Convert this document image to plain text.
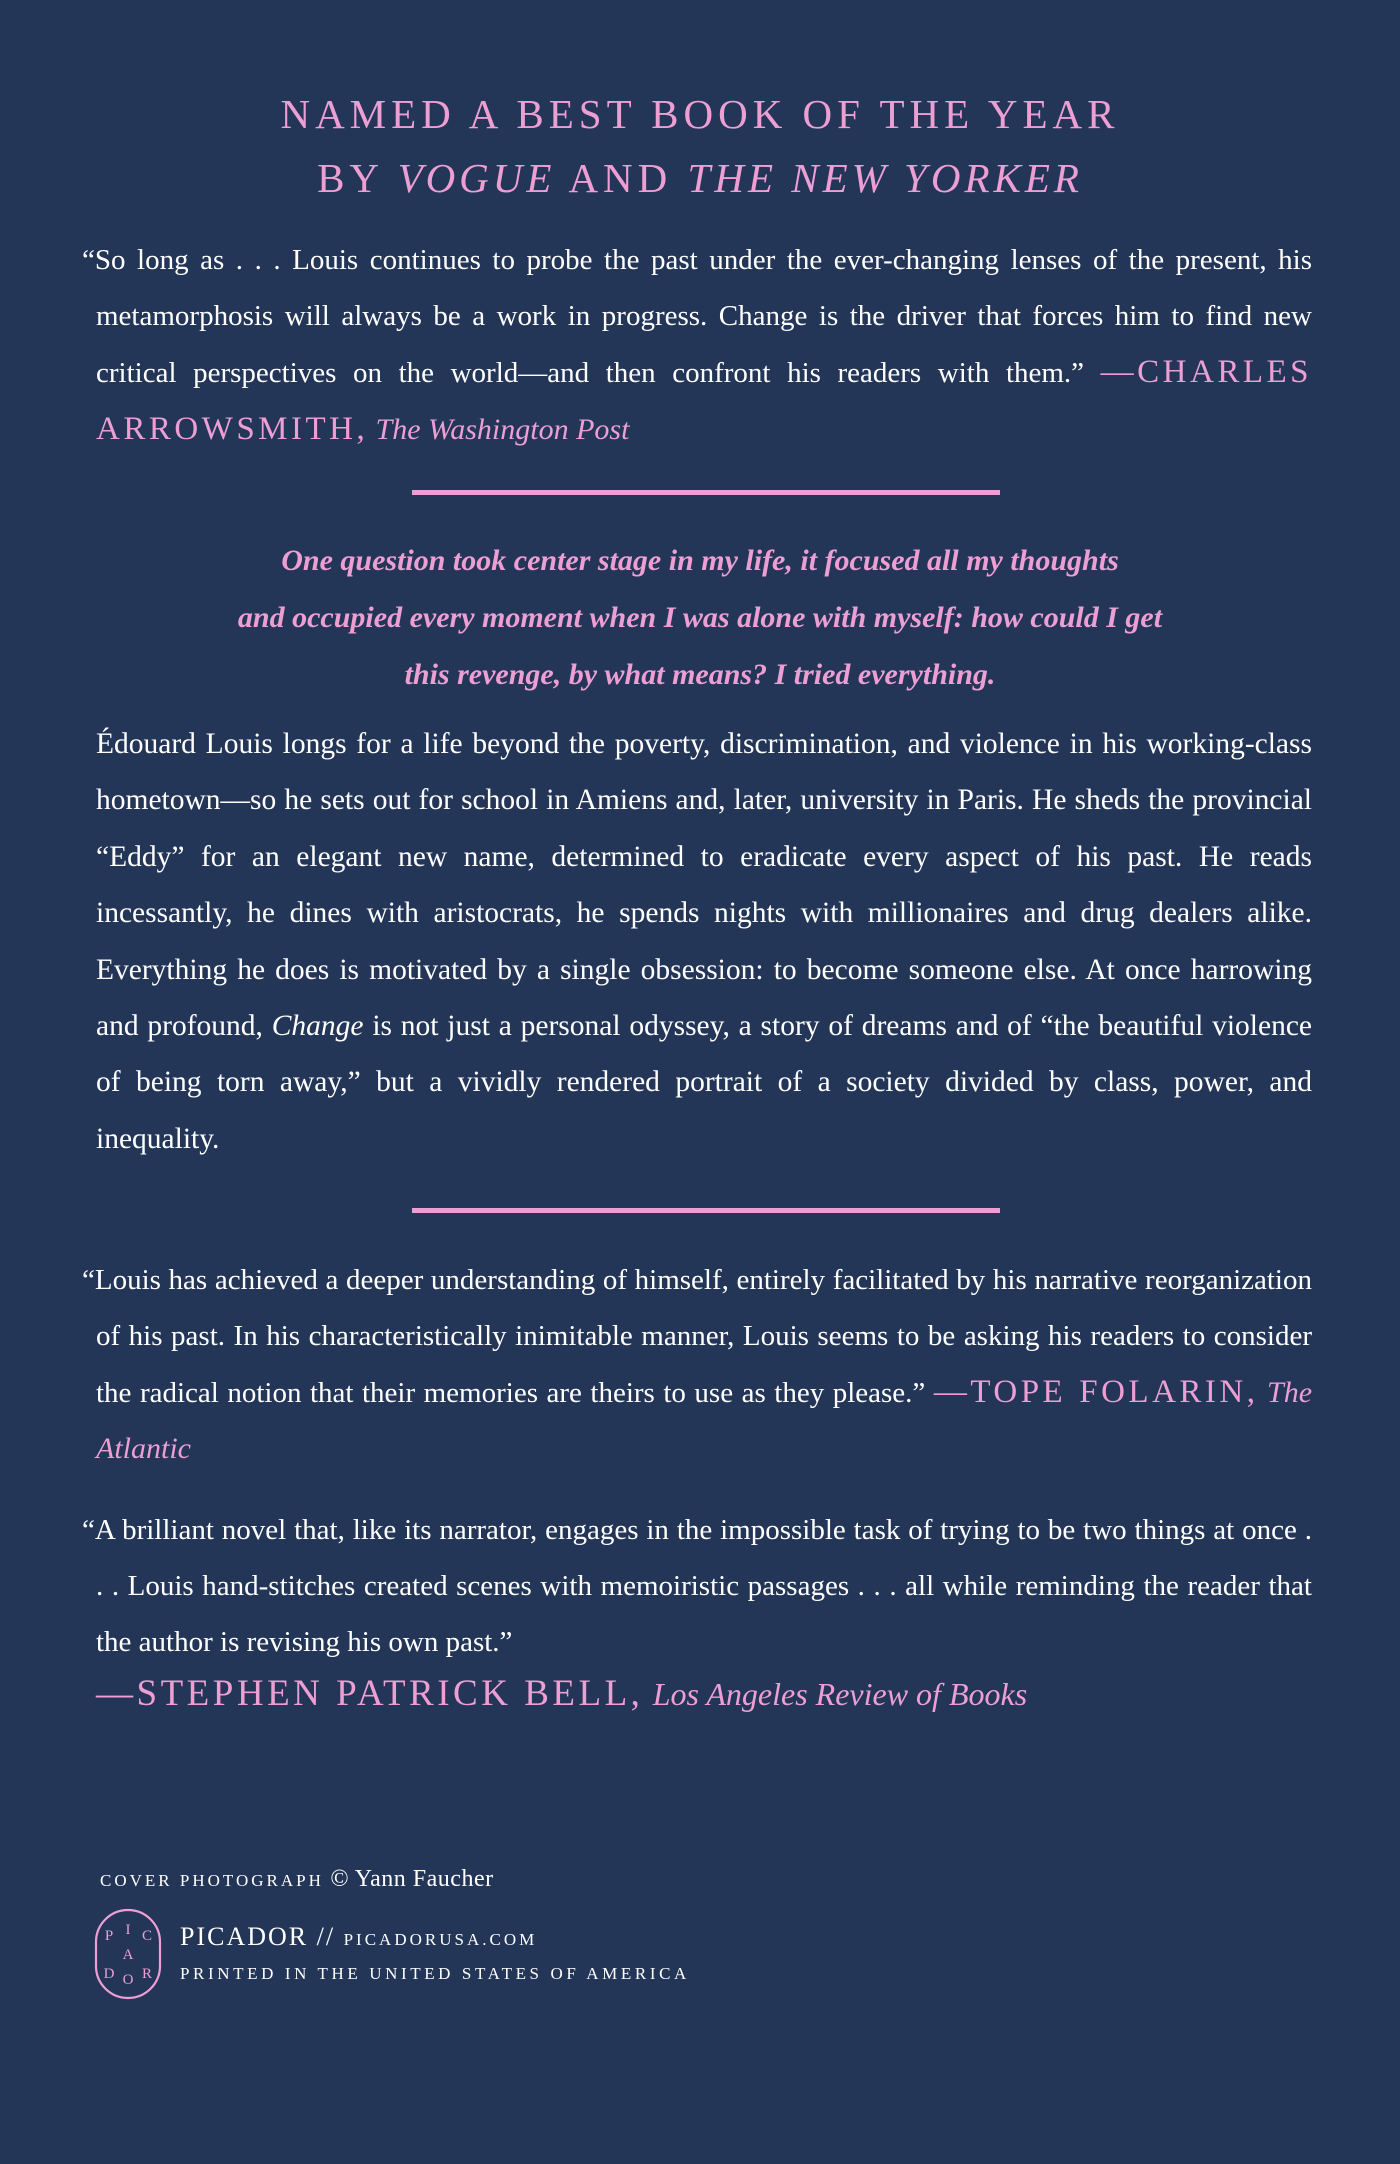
NAMED A BEST BOOK OF THE YEAR
BY VOGUE AND THE NEW YORKER
“So long as . . . Louis continues to probe the past under the ever-changing lenses of the present, his metamorphosis will always be a work in progress. Change is the driver that forces him to find new critical perspectives on the world—and then confront his readers with them.” —CHARLES ARROWSMITH, The Washington Post
One question took center stage in my life, it focused all my thoughts
and occupied every moment when I was alone with myself: how could I get
this revenge, by what means? I tried everything.
Édouard Louis longs for a life beyond the poverty, discrimination, and violence in his working-class hometown—so he sets out for school in Amiens and, later, university in Paris. He sheds the provincial “Eddy” for an elegant new name, determined to eradicate every aspect of his past. He reads incessantly, he dines with aristocrats, he spends nights with millionaires and drug dealers alike. Everything he does is motivated by a single obsession: to become someone else. At once harrowing and profound, Change is not just a personal odyssey, a story of dreams and of “the beautiful violence of being torn away,” but a vividly rendered portrait of a society divided by class, power, and inequality.
“Louis has achieved a deeper understanding of himself, entirely facilitated by his narrative reorganization of his past. In his characteristically inimitable manner, Louis seems to be asking his readers to consider the radical notion that their memories are theirs to use as they please.” —TOPE FOLARIN, The Atlantic
“A brilliant novel that, like its narrator, engages in the impossible task of trying to be two things at once . . . Louis hand-stitches created scenes with memoiristic passages . . . all while reminding the reader that the author is revising his own past.”
—STEPHEN PATRICK BELL, Los Angeles Review of Books
COVER PHOTOGRAPH © Yann Faucher
P I C
A
D O R
PICADOR // PICADORUSA.COM
PRINTED IN THE UNITED STATES OF AMERICA
